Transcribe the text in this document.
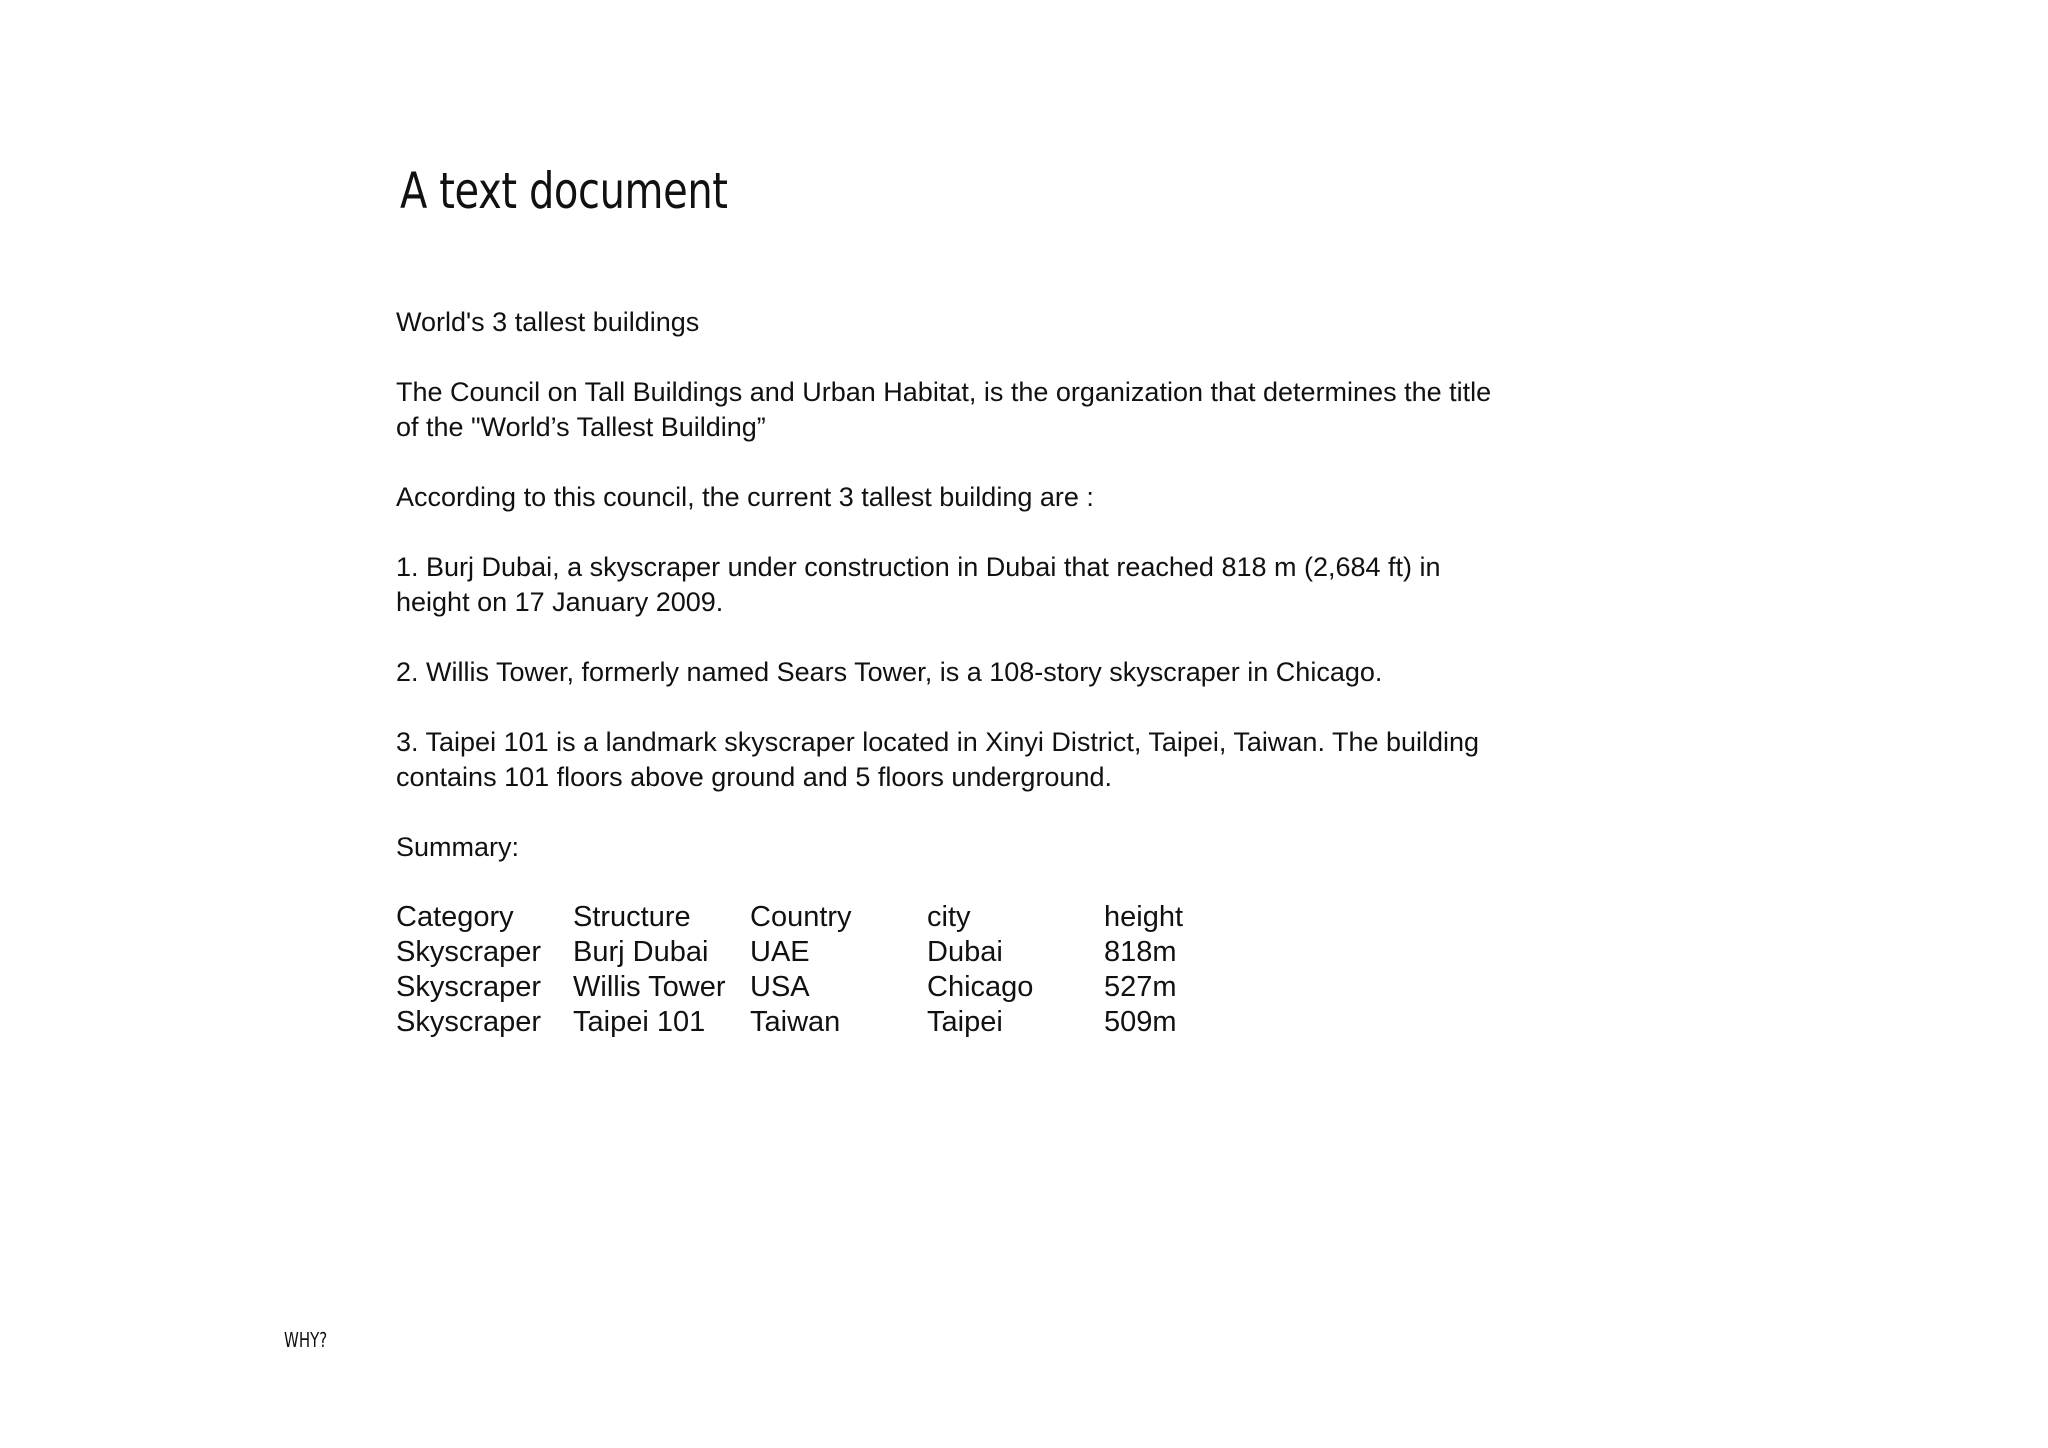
A text document

World's 3 tallest buildings

The Council on Tall Buildings and Urban Habitat, is the organization that determines the title of the "World’s Tallest Building”

According to this council, the current 3 tallest building are :

1. Burj Dubai, a skyscraper under construction in Dubai that reached 818 m (2,684 ft) in height on 17 January 2009.

2. Willis Tower, formerly named Sears Tower, is a 108-story skyscraper in Chicago.

3. Taipei 101 is a landmark skyscraper located in Xinyi District, Taipei, Taiwan. The building contains 101 floors above ground and 5 floors underground.

Summary:

Category	Structure	Country	city	height
Skyscraper	Burj Dubai	UAE	Dubai	818m
Skyscraper	Willis Tower	USA	Chicago	527m
Skyscraper	Taipei 101	Taiwan	Taipei	509m
WHY?
